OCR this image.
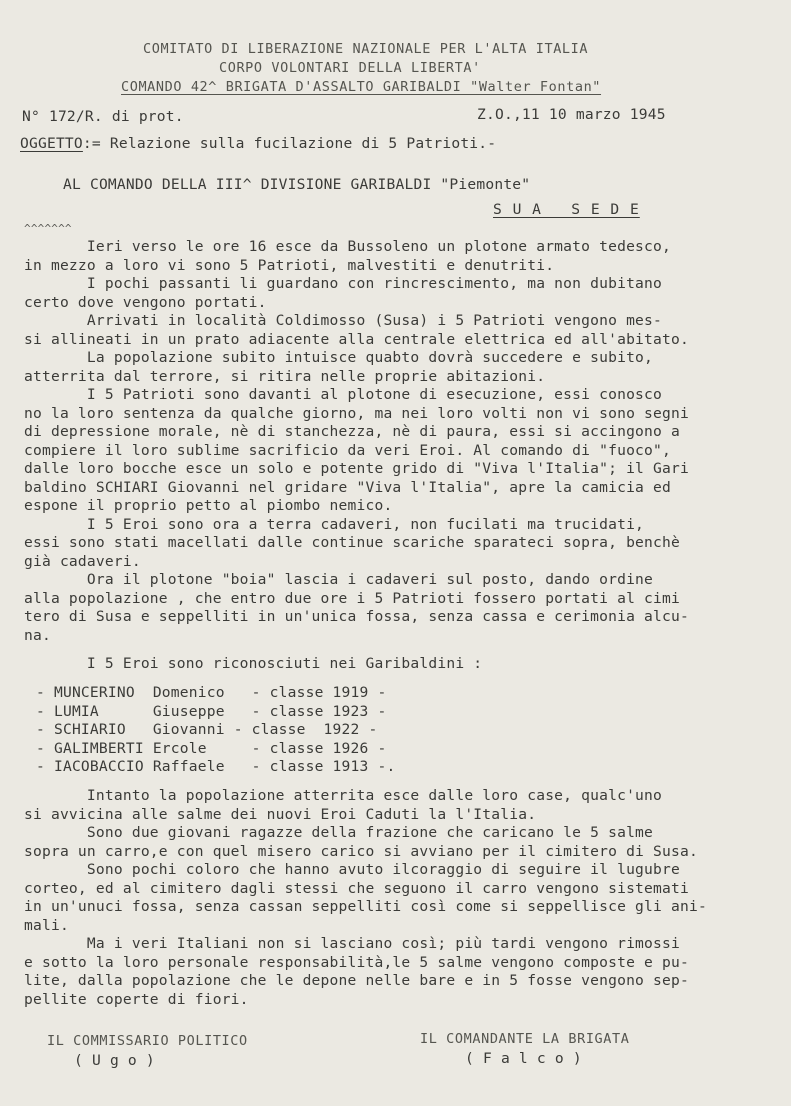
COMITATO DI LIBERAZIONE NAZIONALE PER L'ALTA ITALIA
CORPO VOLONTARI DELLA LIBERTA'
COMANDO 42^ BRIGATA D'ASSALTO GARIBALDI "Walter Fontan"
N° 172/R. di prot.	Z.O.,11 10 marzo 1945
OGGETTO:= Relazione sulla fucilazione di 5 Patrioti.-
AL COMANDO DELLA III^ DIVISIONE GARIBALDI "Piemonte"
S U A   S E D E
^^^^^^^
Ieri verso le ore 16 esce da Bussoleno un plotone armato tedesco,
in mezzo a loro vi sono 5 Patrioti, malvestiti e denutriti.
I pochi passanti li guardano con rincrescimento, ma non dubitano
certo dove vengono portati.
Arrivati in località Coldimosso (Susa) i 5 Patrioti vengono mes-
si allineati in un prato adiacente alla centrale elettrica ed all'abitato.
La popolazione subito intuisce quabto dovrà succedere e subito,
atterrita dal terrore, si ritira nelle proprie abitazioni.
I 5 Patrioti sono davanti al plotone di esecuzione, essi conosco
no la loro sentenza da qualche giorno, ma nei loro volti non vi sono segni
di depressione morale, nè di stanchezza, nè di paura, essi si accingono a
compiere il loro sublime sacrificio da veri Eroi. Al comando di "fuoco",
dalle loro bocche esce un solo e potente grido di "Viva l'Italia"; il Gari
baldino SCHIARI Giovanni nel gridare "Viva l'Italia", apre la camicia ed
espone il proprio petto al piombo nemico.
I 5 Eroi sono ora a terra cadaveri, non fucilati ma trucidati,
essi sono stati macellati dalle continue scariche sparateci sopra, benchè
già cadaveri.
Ora il plotone "boia" lascia i cadaveri sul posto, dando ordine
alla popolazione , che entro due ore i 5 Patrioti fossero portati al cimi
tero di Susa e seppelliti in un'unica fossa, senza cassa e cerimonia alcu-
na.
I 5 Eroi sono riconosciuti nei Garibaldini :
- MUNCERINO  Domenico   - classe 1919 -
- LUMIA      Giuseppe   - classe 1923 -
- SCHIARIO   Giovanni - classe  1922 -
- GALIMBERTI Ercole     - classe 1926 -
- IACOBACCIO Raffaele   - classe 1913 -.
Intanto la popolazione atterrita esce dalle loro case, qualc'uno
si avvicina alle salme dei nuovi Eroi Caduti la l'Italia.
Sono due giovani ragazze della frazione che caricano le 5 salme
sopra un carro,e con quel misero carico si avviano per il cimitero di Susa.
Sono pochi coloro che hanno avuto ilcoraggio di seguire il lugubre
corteo, ed al cimitero dagli stessi che seguono il carro vengono sistemati
in un'unuci fossa, senza cassan seppelliti così come si seppellisce gli ani-
mali.
Ma i veri Italiani non si lasciano così; più tardi vengono rimossi
e sotto la loro personale responsabilità,le 5 salme vengono composte e pu-
lite, dalla popolazione che le depone nelle bare e in 5 fosse vengono sep-
pellite coperte di fiori.
IL COMMISSARIO POLITICO
( U g o )
IL COMANDANTE LA BRIGATA
( F a l c o )
